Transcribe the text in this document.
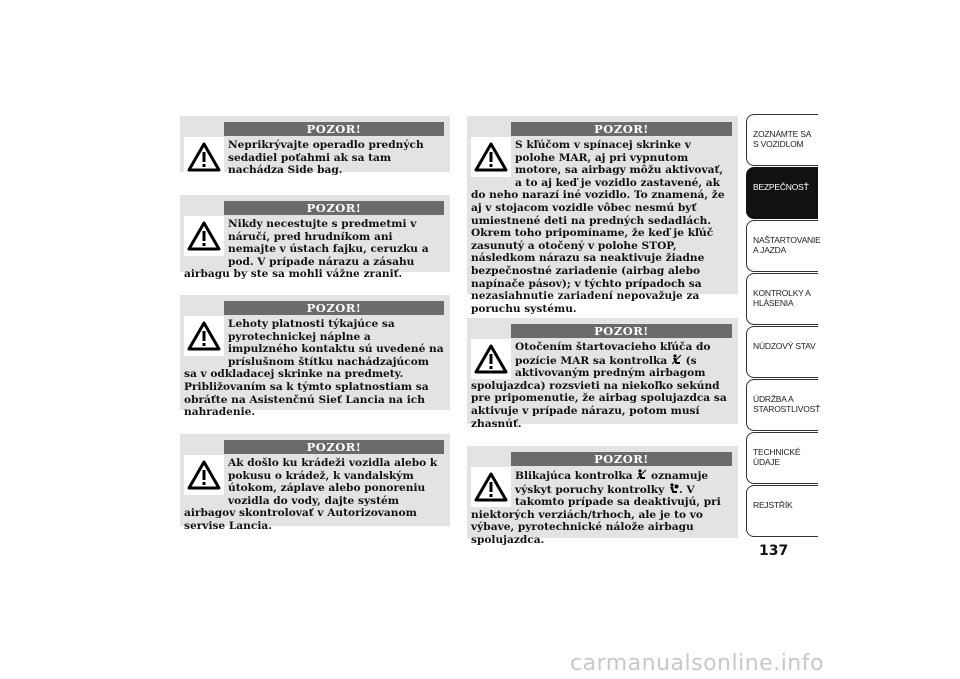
POZOR!
Neprikrývajte operadlo predných sedadiel poťahmi ak sa tam nachádza Side bag.
POZOR!
Nikdy necestujte s predmetmi v náručí, pred hrudníkom ani nemajte v ústach fajku, ceruzku a pod. V prípade nárazu a zásahu airbagu by ste sa mohli vážne zraniť.
POZOR!
Lehoty platnosti týkajúce sa pyrotechnickej náplne a impulzného kontaktu sú uvedené na príslušnom štítku nachádzajúcom sa v odkladacej skrinke na predmety. Približovaním sa k týmto splatnostiam sa obráťte na Asistenčnú Sieť Lancia na ich nahradenie.
POZOR!
Ak došlo ku krádeži vozidla alebo k pokusu o krádež, k vandalským útokom, záplave alebo ponoreniu vozidla do vody, dajte systém airbagov skontrolovať v Autorizovanom servise Lancia.
POZOR!
S kľúčom v spínacej skrinke v polohe MAR, aj pri vypnutom motore, sa airbagy môžu aktivovať, a to aj keď je vozidlo zastavené, ak do neho narazí iné vozidlo. To znamená, že aj v stojacom vozidle vôbec nesmú byť umiestnené deti na predných sedadlách. Okrem toho pripomíname, že keď je kľúč zasunutý a otočený v polohe STOP, následkom nárazu sa neaktivuje žiadne bezpečnostné zariadenie (airbag alebo napínače pásov); v týchto prípadoch sa nezasiahnutie zariadení nepovažuje za poruchu systému.
POZOR!
Otočením štartovacieho kľúča do pozície MAR sa kontrolka (s aktivovaným predným airbagom spolujazdca) rozsvieti na niekoľko sekúnd pre pripomenutie, že airbag spolujazdca sa aktivuje v prípade nárazu, potom musí zhasnúť.
POZOR!
Blikajúca kontrolka oznamuje výskyt poruchy kontrolky . V takomto prípade sa deaktivujú, pri niektorých verziách/trhoch, ale je to vo výbave, pyrotechnické nálože airbagu spolujazdca.
ZOZNÁMTE SA S VOZIDLOM
BEZPEČNOSŤ
NAŠTARTOVANIE A JAZDA
KONTROLKY A HLÁSENIA
NÚDZOVÝ STAV
ÚDRŽBA A STAROSTLIVOSŤ
TECHNICKÉ ÚDAJE
REJSTŘÍK
137
carmanualsonline.info
